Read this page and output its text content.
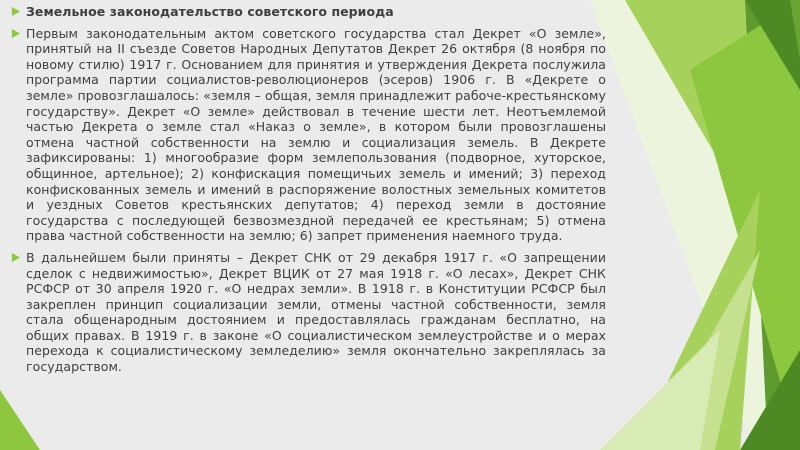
Земельное законодательство советского периода
Первым законодательным актом советского государства стал Декрет «О земле», принятый на II съезде Советов Народных Депутатов Декрет 26 октября (8 ноября по новому стилю) 1917 г. Основанием для принятия и утверждения Декрета послужила программа партии социалистов-революционеров (эсеров) 1906 г. В «Декрете о земле» провозглашалось: «земля – общая, земля принадлежит рабоче-крестьянскому государству». Декрет «О земле» действовал в течение шести лет. Неотъемлемой частью Декрета о земле стал «Наказ о земле», в котором были провозглашены отмена частной собственности на землю и социализация земель. В Декрете зафиксированы: 1) многообразие форм землепользования (подворное, хуторское, общинное, артельное); 2) конфискация помещичьих земель и имений; 3) переход конфискованных земель и имений в распоряжение волостных земельных комитетов и уездных Советов крестьянских депутатов; 4) переход земли в достояние государства с последующей безвозмездной передачей ее крестьянам; 5) отмена права частной собственности на землю; 6) запрет применения наемного труда.
В дальнейшем были приняты – Декрет СНК от 29 декабря 1917 г. «О запрещении сделок с недвижимостью», Декрет ВЦИК от 27 мая 1918 г. «О лесах», Декрет СНК РСФСР от 30 апреля 1920 г. «О недрах земли». В 1918 г. в Конституции РСФСР был закреплен принцип социализации земли, отмены частной собственности, земля стала общенародным достоянием и предоставлялась гражданам бесплатно, на общих правах. В 1919 г. в законе «О социалистическом землеустройстве и о мерах перехода к социалистическому земледелию» земля окончательно закреплялась за государством.
